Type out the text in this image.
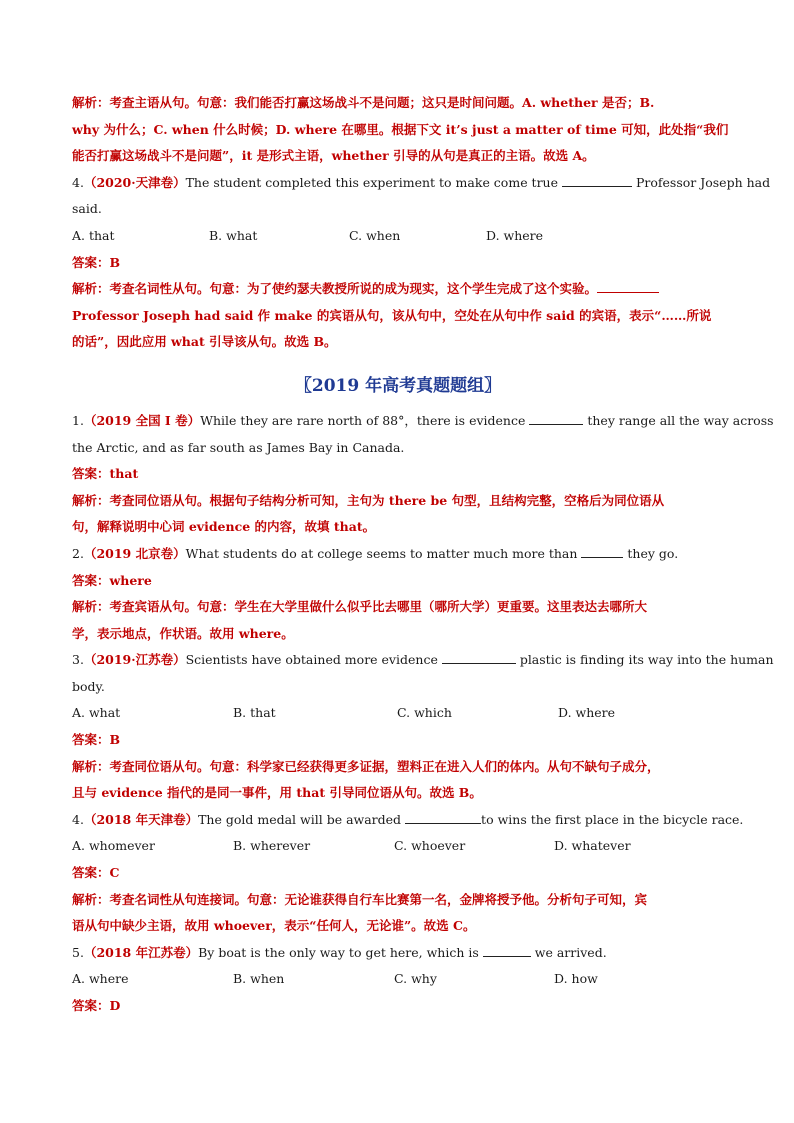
解析：考查主语从句。句意：我们能否打赢这场战斗不是问题；这只是时间问题。A. whether 是否；B.
why 为什么；C. when 什么时候；D. where 在哪里。根据下文 it’s just a matter of time 可知，此处指“我们
能否打赢这场战斗不是问题”，it 是形式主语，whether 引导的从句是真正的主语。故选 A。
4.（2020·天津卷）The student completed this experiment to make come true	Professor Joseph had
said.
A. that	B. what	C. when	D. where
答案：B
解析：考查名词性从句。句意：为了使约瑟夫教授所说的成为现实，这个学生完成了这个实验。
Professor Joseph had said 作 make 的宾语从句，该从句中，空处在从句中作 said 的宾语，表示“……所说
的话”，因此应用 what 引导该从句。故选 B。
〖2019 年高考真题题组〗
1.（2019 全国 I 卷）While they are rare north of 88°，there is evidence	they range all the way across
the Arctic, and as far south as James Bay in Canada.
答案：that
解析：考查同位语从句。根据句子结构分析可知，主句为 there be 句型，且结构完整，空格后为同位语从
句，解释说明中心词 evidence 的内容，故填 that。
2.（2019 北京卷）What students do at college seems to matter much more than	they go.
答案：where
解析：考查宾语从句。句意：学生在大学里做什么似乎比去哪里（哪所大学）更重要。这里表达去哪所大
学，表示地点，作状语。故用 where。
3.（2019·江苏卷）Scientists have obtained more evidence	plastic is finding its way into the human
body.
A. what	B. that	C. which	D. where
答案：B
解析：考查同位语从句。句意：科学家已经获得更多证据，塑料正在进入人们的体内。从句不缺句子成分，
且与 evidence 指代的是同一事件，用 that 引导同位语从句。故选 B。
4.（2018 年天津卷）The gold medal will be awarded	to wins the first place in the bicycle race.
A. whomever	B. wherever	C. whoever	D. whatever
答案：C
解析：考查名词性从句连接词。句意：无论谁获得自行车比赛第一名，金牌将授予他。分析句子可知，宾
语从句中缺少主语，故用 whoever，表示“任何人，无论谁”。故选 C。
5.（2018 年江苏卷）By boat is the only way to get here, which is	we arrived.
A. where	B. when	C. why	D. how
答案：D
